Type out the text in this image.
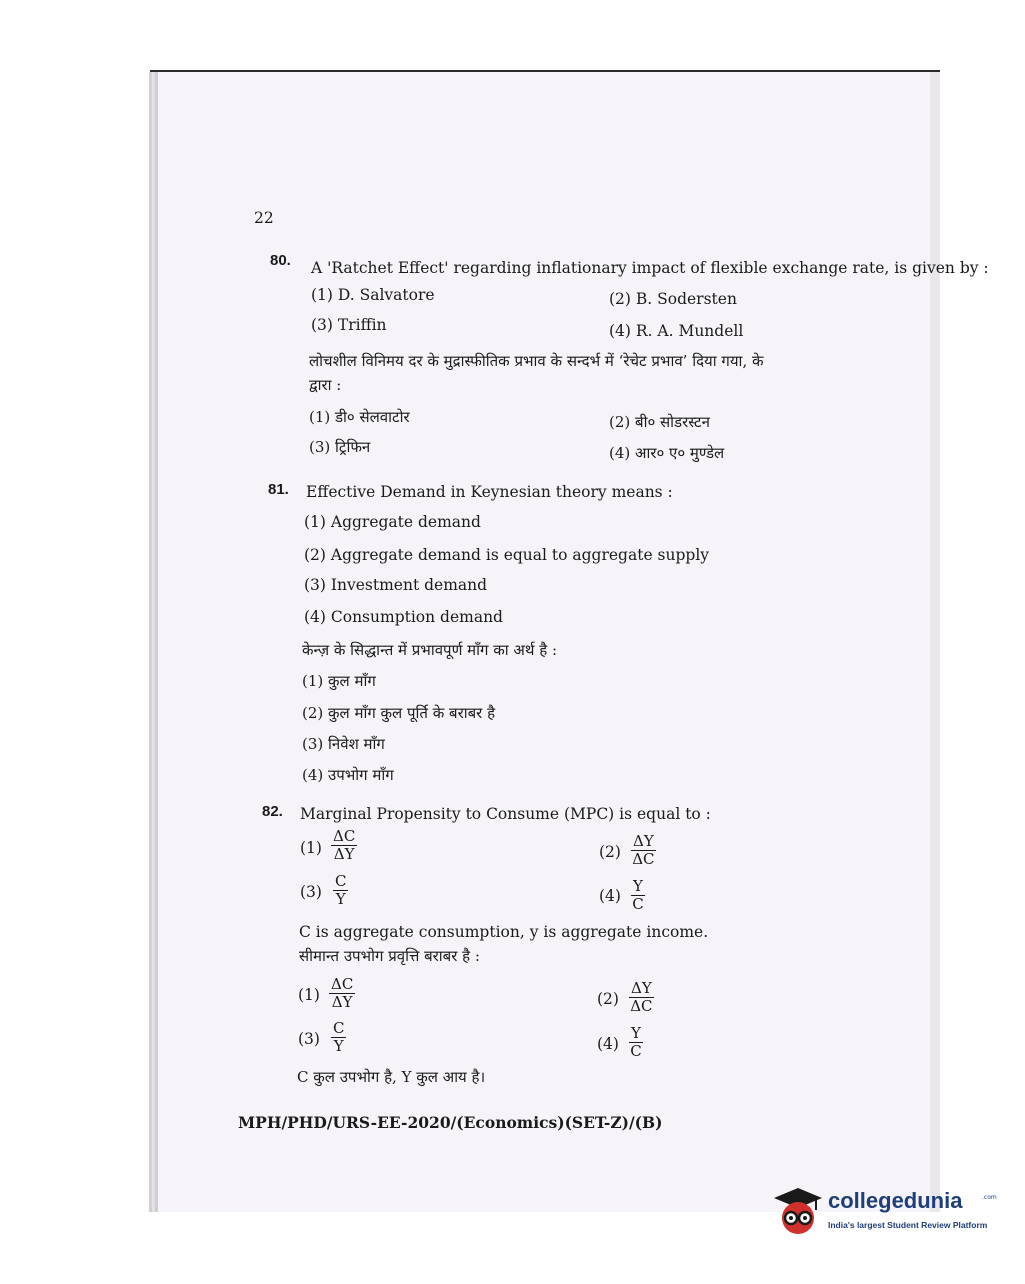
22
80. A 'Ratchet Effect' regarding inflationary impact of flexible exchange rate, is given by :
(1) D. Salvatore	(2) B. Sodersten
(3) Triffin	(4) R. A. Mundell
लोचशील विनिमय दर के मुद्रास्फीतिक प्रभाव के सन्दर्भ में ‘रेचेट प्रभाव’ दिया गया, के
द्वारा :
(1) डी० सेलवाटोर	(2) बी० सोडरस्टन
(3) ट्रिफिन	(4) आर० ए० मुण्डेल
81. Effective Demand in Keynesian theory means :
(1) Aggregate demand
(2) Aggregate demand is equal to aggregate supply
(3) Investment demand
(4) Consumption demand
केन्ज़ के सिद्धान्त में प्रभावपूर्ण माँग का अर्थ है :
(1) कुल माँग
(2) कुल माँग कुल पूर्ति के बराबर है
(3) निवेश माँग
(4) उपभोग माँग
82. Marginal Propensity to Consume (MPC) is equal to :
$(1) \frac{\Delta C}{\Delta Y}$	$(2) \frac{\Delta Y}{\Delta C}$
$(3) \frac{C}{Y}$	$(4) \frac{Y}{C}$
C is aggregate consumption, y is aggregate income.
सीमान्त उपभोग प्रवृत्ति बराबर है :
$(1) \frac{\Delta C}{\Delta Y}$	$(2) \frac{\Delta Y}{\Delta C}$
$(3) \frac{C}{Y}$	$(4) \frac{Y}{C}$
C कुल उपभोग है, Y कुल आय है।
MPH/PHD/URS-EE-2020/(Economics)(SET-Z)/(B)
collegedunia	.com
India's largest Student Review Platform
